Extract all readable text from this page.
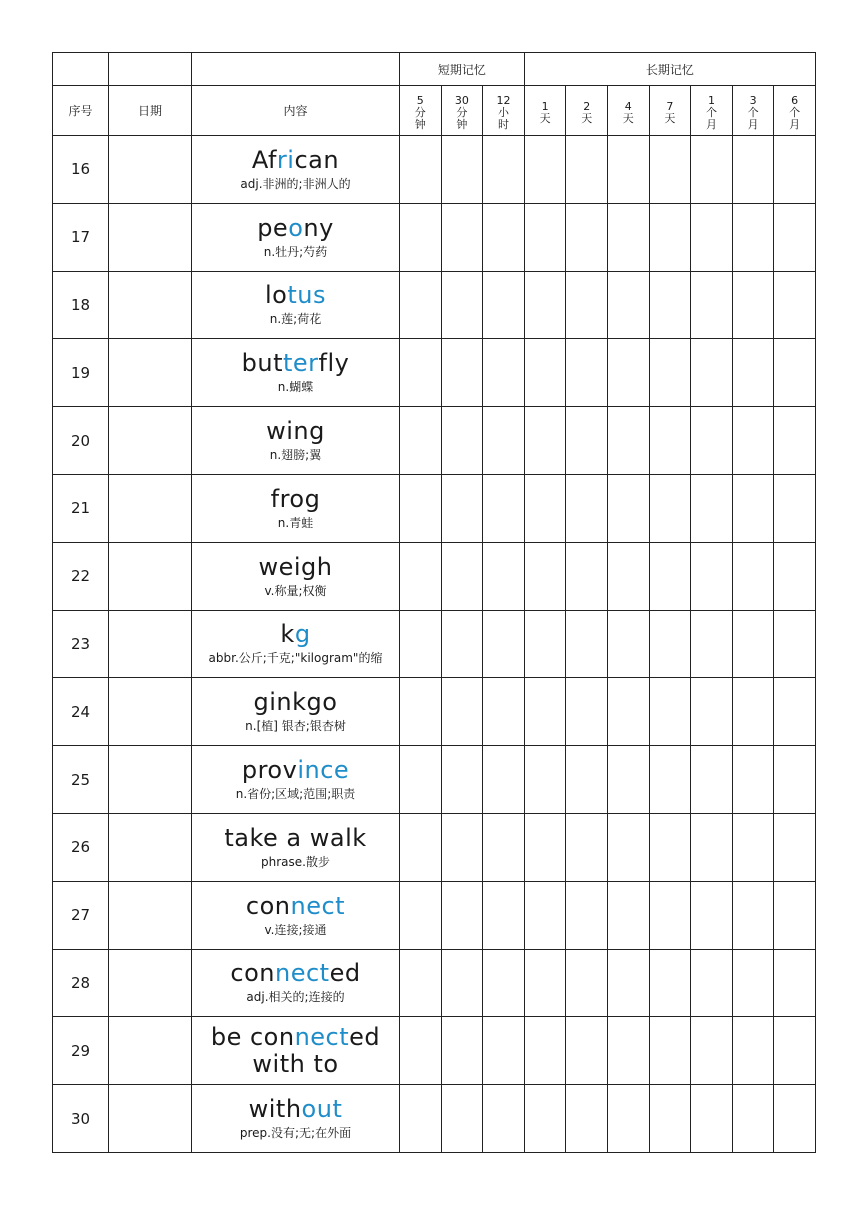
			短期记忆			长期记忆						
序号	日期	内容	5
分
钟	30
分
钟	12
小
时	1
天	2
天	4
天	7
天	1
个
月	3
个
月	6
个
月
16		African
adj.非洲的;非洲人的										

17		peony
n.牡丹;芍药										

18		lotus
n.莲;荷花										

19		butterfly
n.蝴蝶										

20		wing
n.翅膀;翼										

21		frog
n.青蛙										

22		weigh
v.称量;权衡										

23		kg
abbr.公斤;千克;"kilogram"的缩										

24		ginkgo
n.[植] 银杏;银杏树										

25		province
n.省份;区域;范围;职责										

26		take a walk
phrase.散步										

27		connect
v.连接;接通										

28		connected
adj.相关的;连接的										

29		be connected
with to										

30		without
prep.没有;无;在外面										
